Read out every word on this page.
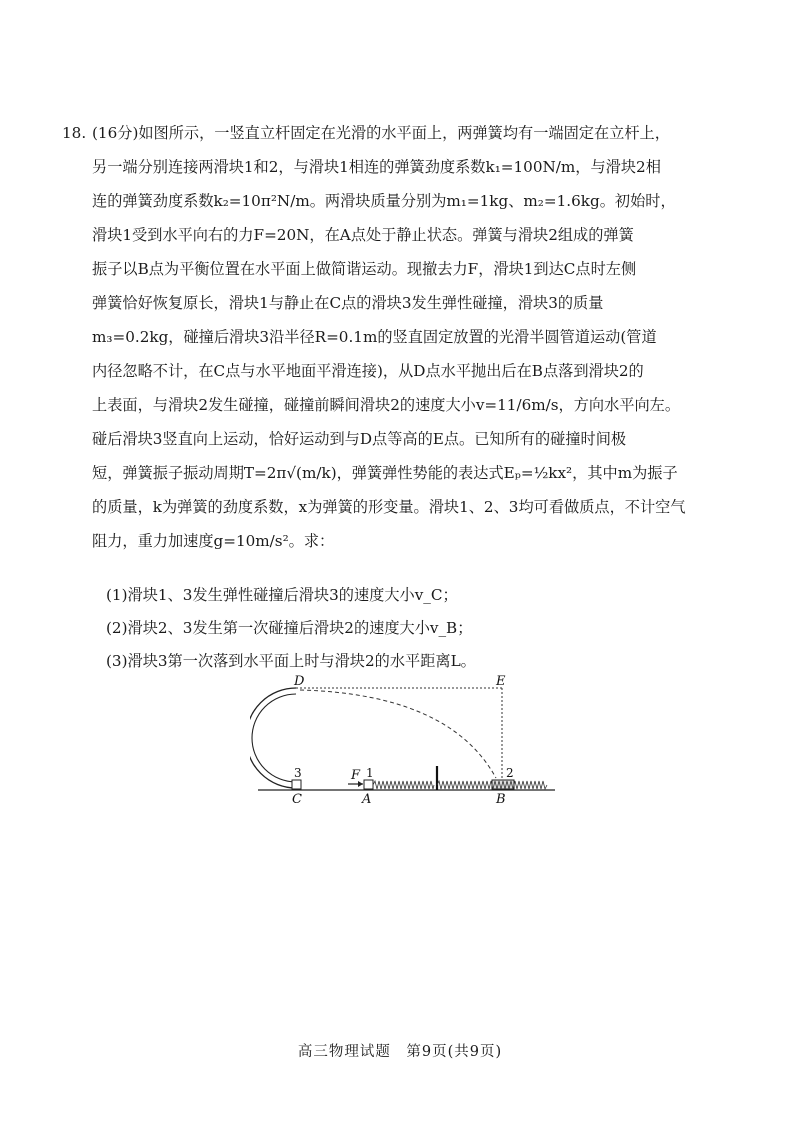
18. (16分)如图所示，一竖直立杆固定在光滑的水平面上，两弹簧均有一端固定在立杆上，
另一端分别连接两滑块1和2，与滑块1相连的弹簧劲度系数k₁=100N/m，与滑块2相
连的弹簧劲度系数k₂=10π²N/m。两滑块质量分别为m₁=1kg、m₂=1.6kg。初始时，
滑块1受到水平向右的力F=20N，在A点处于静止状态。弹簧与滑块2组成的弹簧
振子以B点为平衡位置在水平面上做简谐运动。现撤去力F，滑块1到达C点时左侧
弹簧恰好恢复原长，滑块1与静止在C点的滑块3发生弹性碰撞，滑块3的质量
m₃=0.2kg，碰撞后滑块3沿半径R=0.1m的竖直固定放置的光滑半圆管道运动(管道
内径忽略不计，在C点与水平地面平滑连接)，从D点水平抛出后在B点落到滑块2的
上表面，与滑块2发生碰撞，碰撞前瞬间滑块2的速度大小v=11/6m/s，方向水平向左。
碰后滑块3竖直向上运动，恰好运动到与D点等高的E点。已知所有的碰撞时间极
短，弹簧振子振动周期T=2π√(m/k)，弹簧弹性势能的表达式Eₚ=½kx²，其中m为振子
的质量，k为弹簧的劲度系数，x为弹簧的形变量。滑块1、2、3均可看做质点，不计空气
阻力，重力加速度g=10m/s²。求：
(1)滑块1、3发生弹性碰撞后滑块3的速度大小v_C；
(2)滑块2、3发生第一次碰撞后滑块2的速度大小v_B；
(3)滑块3第一次落到水平面上时与滑块2的水平距离L。
D	E
C	A	B
F
3	1	2
高三物理试题　第9页(共9页)
